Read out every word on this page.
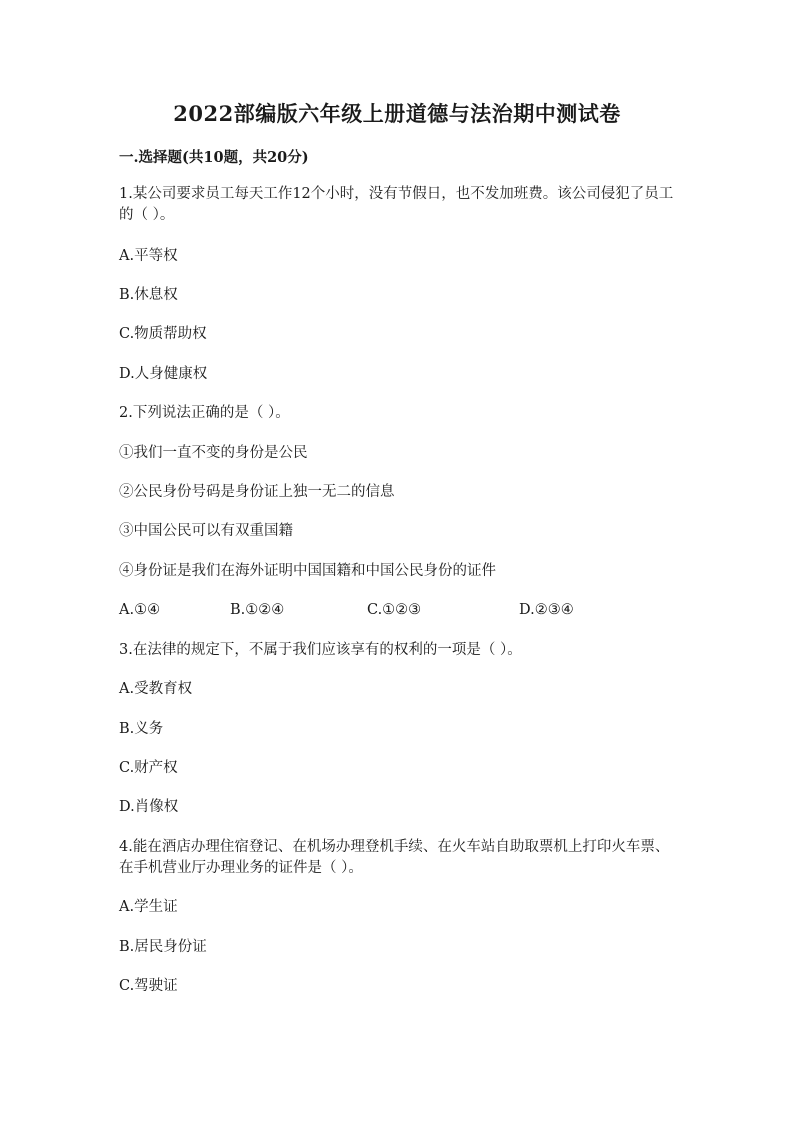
2022部编版六年级上册道德与法治期中测试卷
一.选择题(共10题，共20分)
1.某公司要求员工每天工作12个小时，没有节假日，也不发加班费。该公司侵犯了员工的（ ）。
A.平等权
B.休息权
C.物质帮助权
D.人身健康权
2.下列说法正确的是（ ）。
①我们一直不变的身份是公民
②公民身份号码是身份证上独一无二的信息
③中国公民可以有双重国籍
④身份证是我们在海外证明中国国籍和中国公民身份的证件
A.①④	B.①②④	C.①②③	D.②③④
3.在法律的规定下，不属于我们应该享有的权利的一项是（ ）。
A.受教育权
B.义务
C.财产权
D.肖像权
4.能在酒店办理住宿登记、在机场办理登机手续、在火车站自助取票机上打印火车票、在手机营业厅办理业务的证件是（ ）。
A.学生证
B.居民身份证
C.驾驶证
